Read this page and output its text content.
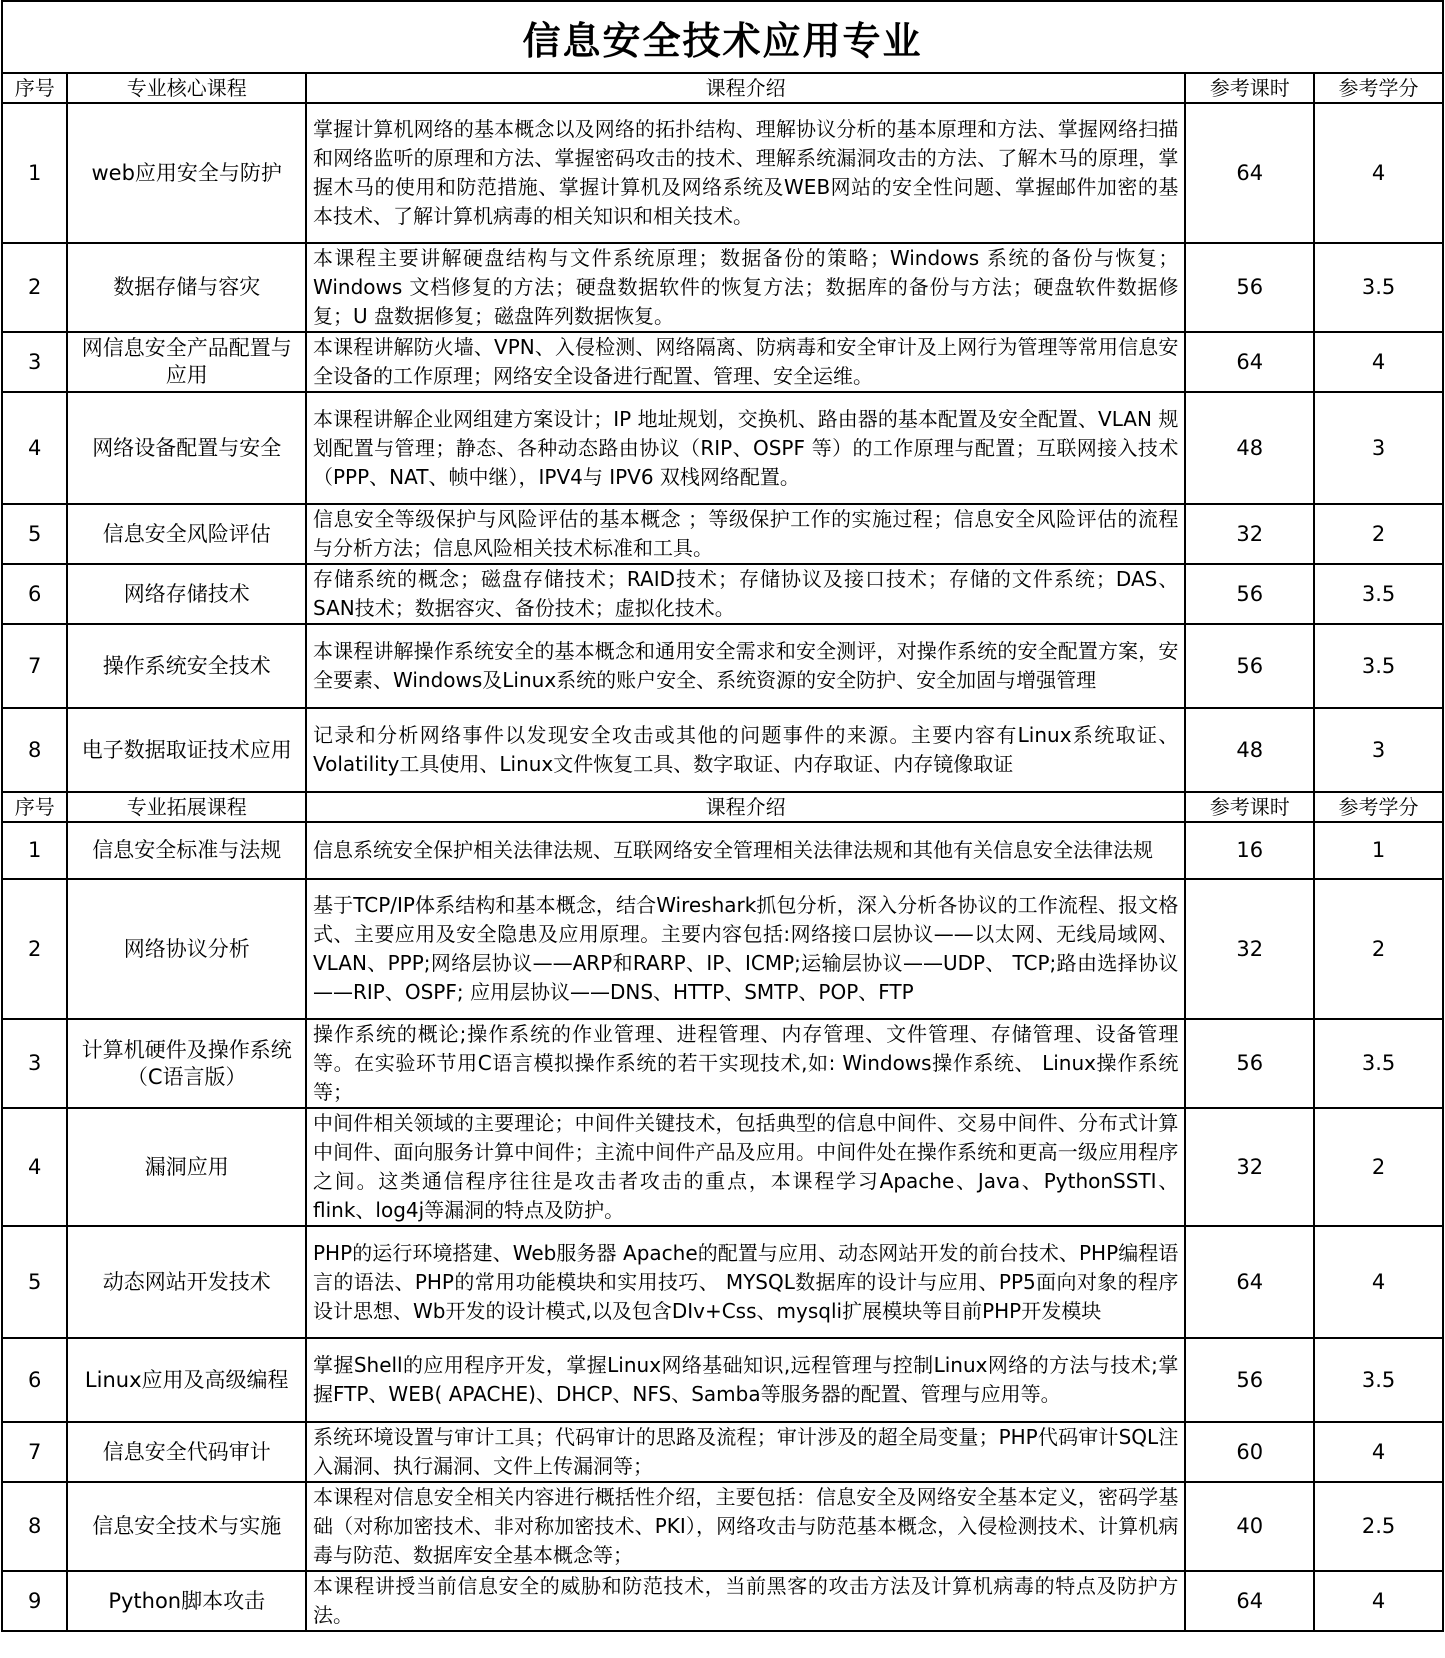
信息安全技术应用专业				
序号	专业核心课程	课程介绍	参考课时	参考学分
1	web应用安全与防护	掌握计算机网络的基本概念以及网络的拓扑结构、理解协议分析的基本原理和方法、掌握网络扫描和网络监听的原理和方法、掌握密码攻击的技术、理解系统漏洞攻击的方法、了解木马的原理，掌握木马的使用和防范措施、掌握计算机及网络系统及WEB网站的安全性问题、掌握邮件加密的基本技术、了解计算机病毒的相关知识和相关技术。	64	4
2	数据存储与容灾	本课程主要讲解硬盘结构与文件系统原理；数据备份的策略；Windows 系统的备份与恢复；Windows 文档修复的方法；硬盘数据软件的恢复方法；数据库的备份与方法；硬盘软件数据修复；U 盘数据修复；磁盘阵列数据恢复。	56	3.5
3	网信息安全产品配置与应用	本课程讲解防火墙、VPN、入侵检测、网络隔离、防病毒和安全审计及上网行为管理等常用信息安全设备的工作原理；网络安全设备进行配置、管理、安全运维。	64	4
4	网络设备配置与安全	本课程讲解企业网组建方案设计；IP 地址规划，交换机、路由器的基本配置及安全配置、VLAN 规划配置与管理；静态、各种动态路由协议（RIP、OSPF 等）的工作原理与配置；互联网接入技术（PPP、NAT、帧中继），IPV4与 IPV6 双栈网络配置。	48	3
5	信息安全风险评估	信息安全等级保护与风险评估的基本概念 ；等级保护工作的实施过程；信息安全风险评估的流程与分析方法；信息风险相关技术标准和工具。	32	2
6	网络存储技术	存储系统的概念；磁盘存储技术；RAID技术；存储协议及接口技术；存储的文件系统；DAS、SAN技术；数据容灾、备份技术；虚拟化技术。	56	3.5
7	操作系统安全技术	本课程讲解操作系统安全的基本概念和通用安全需求和安全测评，对操作系统的安全配置方案，安全要素、Windows及Linux系统的账户安全、系统资源的安全防护、安全加固与增强管理	56	3.5
8	电子数据取证技术应用	记录和分析网络事件以发现安全攻击或其他的问题事件的来源。主要内容有Linux系统取证、Volatility工具使用、Linux文件恢复工具、数字取证、内存取证、内存镜像取证	48	3
序号	专业拓展课程	课程介绍	参考课时	参考学分
1	信息安全标准与法规	信息系统安全保护相关法律法规、互联网络安全管理相关法律法规和其他有关信息安全法律法规	16	1
2	网络协议分析	基于TCP/IP体系结构和基本概念，结合Wireshark抓包分析，深入分析各协议的工作流程、报文格式、主要应用及安全隐患及应用原理。主要内容包括:网络接口层协议——以太网、无线局域网、VLAN、PPP;网络层协议——ARP和RARP、IP、ICMP;运输层协议——UDP、 TCP;路由选择协议——RIP、OSPF; 应用层协议——DNS、HTTP、SMTP、POP、FTP	32	2
3	计算机硬件及操作系统（C语言版）	操作系统的概论;操作系统的作业管理、进程管理、内存管理、文件管理、存储管理、设备管理等。在实验环节用C语言模拟操作系统的若干实现技术,如: Windows操作系统、 Linux操作系统等；	56	3.5
4	漏洞应用	中间件相关领域的主要理论；中间件关键技术，包括典型的信息中间件、交易中间件、分布式计算中间件、面向服务计算中间件；主流中间件产品及应用。中间件处在操作系统和更高一级应用程序之间。这类通信程序往往是攻击者攻击的重点，本课程学习Apache、Java、PythonSSTI、flink、log4j等漏洞的特点及防护。	32	2
5	动态网站开发技术	PHP的运行环境搭建、Web服务器 Apache的配置与应用、动态网站开发的前台技术、PHP编程语言的语法、PHP的常用功能模块和实用技巧、 MYSQL数据库的设计与应用、PP5面向对象的程序设计思想、Wb开发的设计模式,以及包含DIv+Css、mysqli扩展模块等目前PHP开发模块	64	4
6	Linux应用及高级编程	掌握Shell的应用程序开发，掌握Linux网络基础知识,远程管理与控制Linux网络的方法与技术;掌握FTP、WEB( APACHE)、DHCP、NFS、Samba等服务器的配置、管理与应用等。	56	3.5
7	信息安全代码审计	系统环境设置与审计工具；代码审计的思路及流程；审计涉及的超全局变量；PHP代码审计SQL注入漏洞、执行漏洞、文件上传漏洞等；	60	4
8	信息安全技术与实施	本课程对信息安全相关内容进行概括性介绍，主要包括：信息安全及网络安全基本定义，密码学基础（对称加密技术、非对称加密技术、PKI），网络攻击与防范基本概念，入侵检测技术、计算机病毒与防范、数据库安全基本概念等；	40	2.5
9	Python脚本攻击	本课程讲授当前信息安全的威胁和防范技术，当前黑客的攻击方法及计算机病毒的特点及防护方法。	64	4
